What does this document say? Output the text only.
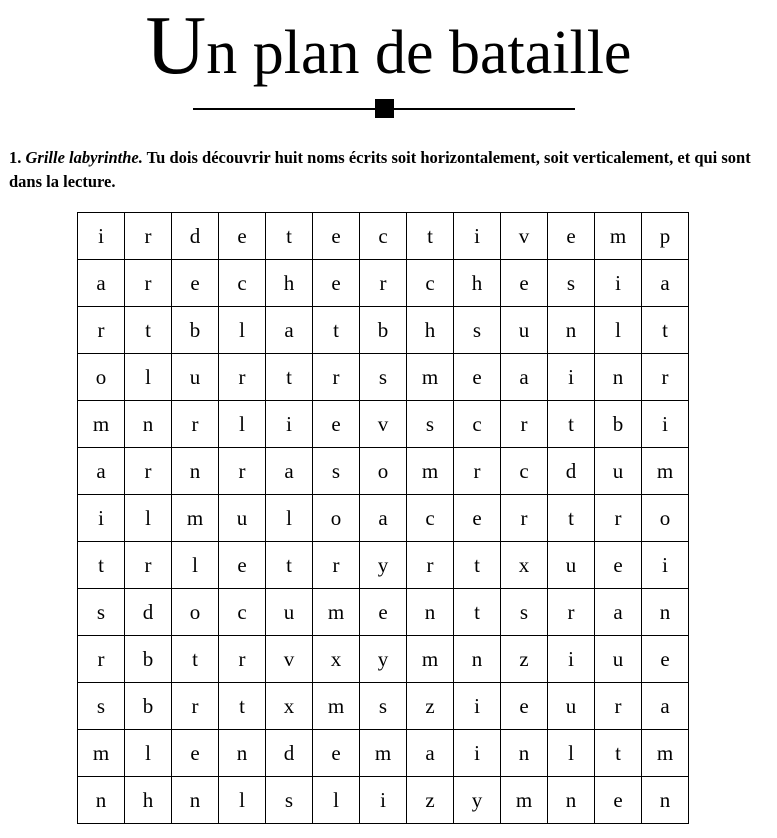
Un plan de bataille
1. Grille labyrinthe. Tu dois découvrir huit noms écrits soit horizontalement, soit verticalement, et qui sont dans la lecture.
i	r	d	e	t	e	c	t	i	v	e	m	p
a	r	e	c	h	e	r	c	h	e	s	i	a
r	t	b	l	a	t	b	h	s	u	n	l	t
o	l	u	r	t	r	s	m	e	a	i	n	r
m	n	r	l	i	e	v	s	c	r	t	b	i
a	r	n	r	a	s	o	m	r	c	d	u	m
i	l	m	u	l	o	a	c	e	r	t	r	o
t	r	l	e	t	r	y	r	t	x	u	e	i
s	d	o	c	u	m	e	n	t	s	r	a	n
r	b	t	r	v	x	y	m	n	z	i	u	e
s	b	r	t	x	m	s	z	i	e	u	r	a
m	l	e	n	d	e	m	a	i	n	l	t	m
n	h	n	l	s	l	i	z	y	m	n	e	n
